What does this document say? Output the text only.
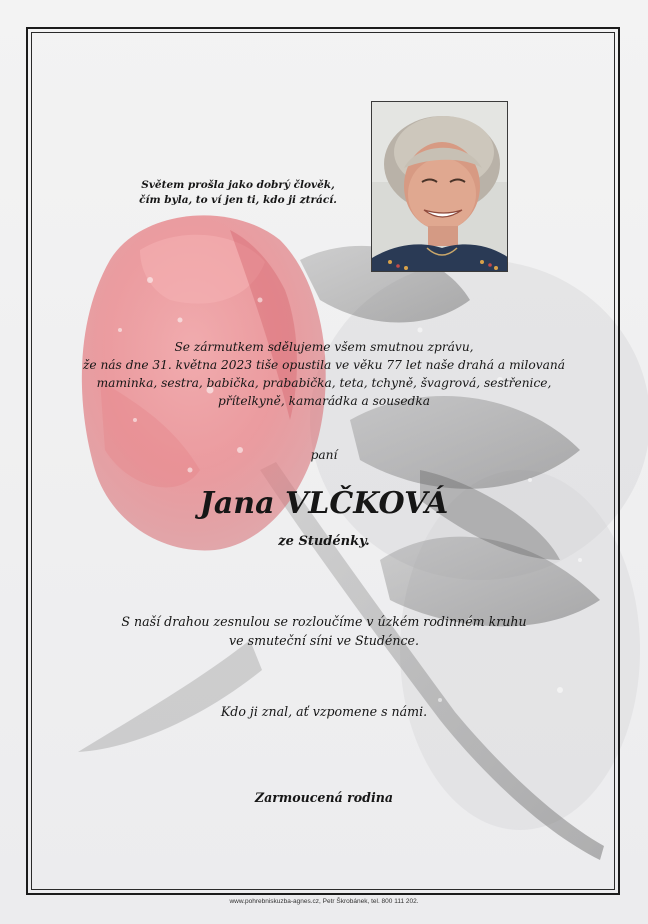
Světem prošla jako dobrý člověk,
čím byla, to ví jen ti, kdo ji ztrácí.
Se zármutkem sdělujeme všem smutnou zprávu,
že nás dne 31. května 2023 tiše opustila ve věku 77 let naše drahá a milovaná
maminka, sestra, babička, prababička, teta, tchyně, švagrová, sestřenice,
přítelkyně, kamarádka a sousedka
paní
Jana VLČKOVÁ
ze Studénky.
S naší drahou zesnulou se rozloučíme v úzkém rodinném kruhu
ve smuteční síni ve Studénce.
Kdo ji znal, ať vzpomene s námi.
Zarmoucená rodina
www.pohrebniskuzba-agnes.cz, Petr Škrobánek, tel. 800 111 202.
